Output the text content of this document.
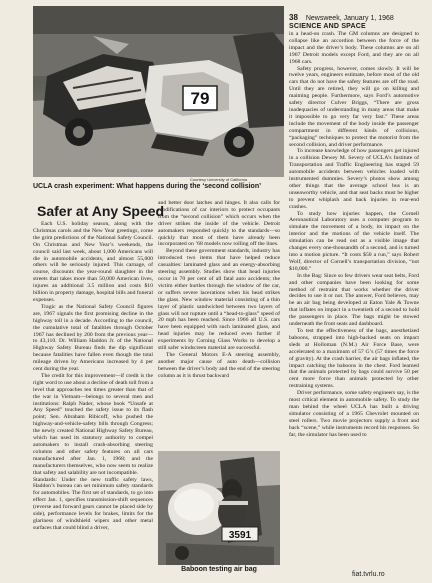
38 Newsweek, January 1, 1968
SCIENCE AND SPACE
79
Courtesy University of California
UCLA crash experiment: What happens during the ‘second collision’
Safer at Any Speed

Each U.S. holiday season, along with the Christmas carols and the New Year greetings, come the grim predictions of the National Safety Council. On Christmas and New Year’s weekends, the council said last week, about 1,000 Americans will die in automobile accidents, and almost 55,000 others will be seriously injured. This carnage, of course, discounts the year-round slaughter in the streets that takes more than 50,000 American lives, injures an additional 3.5 million and costs $10 billion in property damage, hospital bills and funeral expenses.

Tragic as the National Safety Council figures are, 1967 signals the first promising decline in the highway toll in a decade. According to the council, the cumulative total of fatalities through October 1967 has declined by 200 from the previous year—to 43,110. Dr. William Haddon Jr. of the National Highway Safety Bureau finds the dip significant because fatalities have fallen even though the total mileage driven by Americans increased by 4 per cent during the year.

The credit for this improvement—if credit is the right word to use about a decline of death toll from a level that approaches ten times greater than that of the war in Vietnam—belongs to several men and institutions: Ralph Nader, whose book “Unsafe at Any Speed” touched the safety issue to its flash point; Sen. Abraham Ribicoff, who pushed the highway-and-vehicle-safety bills through Congress; the newly created National Highway Safety Bureau, which has used its statutory authority to compel automakers to install crash-absorbing steering columns and other safety features on all cars manufactured after Jan. 1, 1968; and the manufacturers themselves, who now seem to realize that safety and salability are not incompatible.

Standards: Under the new traffic safety laws, Haddon’s bureau can set minimum safety standards for automobiles. The first set of standards, to go into effect Jan. 1, specifies transmission-shift sequences (reverse and forward gears cannot be placed side by side), performance levels for brakes, limits for the glariness of windshield wipers and other metal surfaces that could blind a driver,

and better door latches and hinges. It also calls for modifications of car interiors to protect occupants from the “second collision” which occurs when the driver strikes the inside of the vehicle. Detroit automakers responded quickly to the standards—so quickly that most of them have already been incorporated on ’68 models now rolling off the lines.

Beyond these government standards, industry has introduced two items that have helped reduce casualties: laminated glass and an energy-absorbing steering assembly. Studies show that head injuries occur in 70 per cent of all fatal auto accidents; the victim either hurtles through the window of the car, or suffers severe lacerations when his head strikes the glass. New window material consisting of a thin layer of plastic sandwiched between two layers of glass will not rupture until a “head-to-glass” speed of 20 mph has been reached. Since 1966 all U.S. cars have been equipped with such laminated glass, and head injuries may be reduced even further if experiments by Corning Glass Works to develop a still safer windscreen material are successful.

The General Motors E-A steering assembly, another major cause of auto death—collision between the driver’s body and the end of the steering column as it is thrust backward

3591
Baboon testing air bag

in a head-on crash. The GM columns are designed to collapse like an accordion between the force of the impact and the driver’s body. These columns are on all 1967 Detroit models except Ford, and they are on all 1968 cars.

Safety progress, however, comes slowly. It will be twelve years, engineers estimate, before most of the old cars that do not have the safety features are off the road. Until they are retired, they will go on killing and maiming people. Furthermore, says Ford’s automotive safety director Culver Briggs, “There are gross inadequacies of understanding in many areas that make it impossible to go very far very fast.” These areas include the movement of the body inside the passenger compartment in different kinds of collisions, “packaging” techniques to protect the motorist from the second collision, and driver performance.

To increase knowledge of how passengers get injured in a collision Dewey M. Severy of UCLA’s Institute of Transportation and Traffic Engineering has staged 59 automobile accidents between vehicles loaded with instrumented dummies. Severy’s photos show among other things that the average school bus is an unseaworthy vehicle, and that seat backs must be higher to prevent whiplash and back injuries in rear-end crashes.

To study how injuries happen, the Cornell Aeronautical Laboratory uses a computer program to simulate the movement of a body, its impact on the interior and the motions of the vehicle itself. The simulation can be read out as a visible image that changes every one-thousandth of a second, and is turned into a motion picture. “It costs $50 a run,” says Robert Wolf, director of Cornell’s transportation division, “not $10,000.”

In the Bag: Since so few drivers wear seat belts, Ford and other companies have been looking for some method of restraint that works whether the driver decides to use it or not. The answer, Ford believes, may be an air bag being developed at Eaton Yale & Towne that inflates on impact in a twentieth of a second to hold the passengers in place. The bags might be stowed underneath the front seats and dashboard.

To test the effectiveness of the bags, anesthetized baboons, strapped into high-backed seats on impact sleds at Holloman (N.M.) Air Force Base, were accelerated to a maximum of 57 G’s (57 times the force of gravity). At the crash barrier, the air bags inflated, the impact catching the baboons in the chest. Ford learned that the animals protected by bags could survive 50 per cent more force than animals protected by other restraining systems.

Driver performance, some safety engineers say, is the most critical element in automobile safety. To study the man behind the wheel UCLA has built a driving simulator consisting of a 1965 Chevrolet mounted on steel rollers. Two movie projectors supply a front and back “scene,” while instruments record his responses. So far, the simulator has been used to

fiat.tvrlu.ro
